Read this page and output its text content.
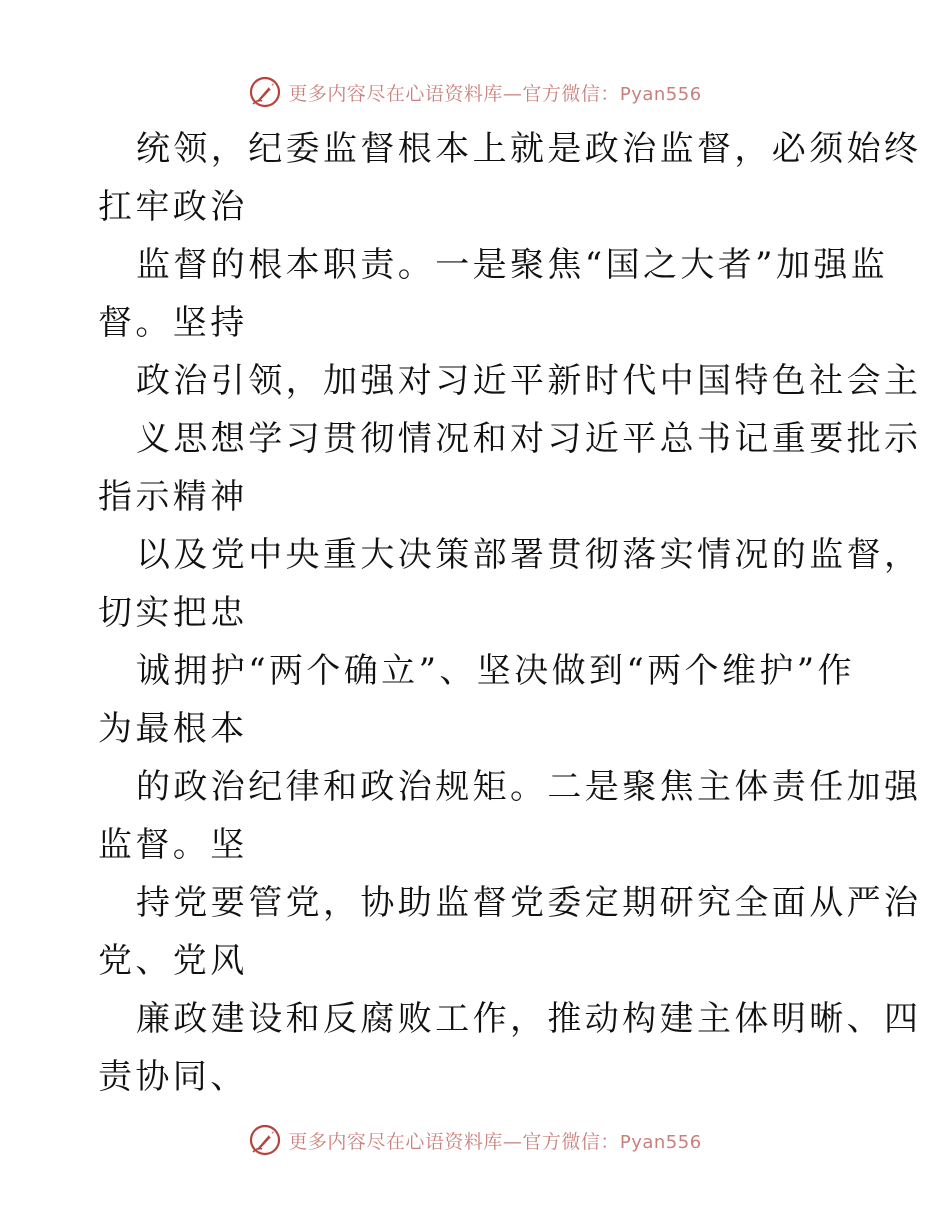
更多内容尽在心语资料库—官方微信：Pyan556
统领，纪委监督根本上就是政治监督，必须始终
扛牢政治
监督的根本职责。一是聚焦“国之大者”加强监
督。坚持
政治引领，加强对习近平新时代中国特色社会主
义思想学习贯彻情况和对习近平总书记重要批示
指示精神
以及党中央重大决策部署贯彻落实情况的监督，
切实把忠
诚拥护“两个确立”、坚决做到“两个维护”作
为最根本
的政治纪律和政治规矩。二是聚焦主体责任加强
监督。坚
持党要管党，协助监督党委定期研究全面从严治
党、党风
廉政建设和反腐败工作，推动构建主体明晰、四
责协同、
更多内容尽在心语资料库—官方微信：Pyan556
